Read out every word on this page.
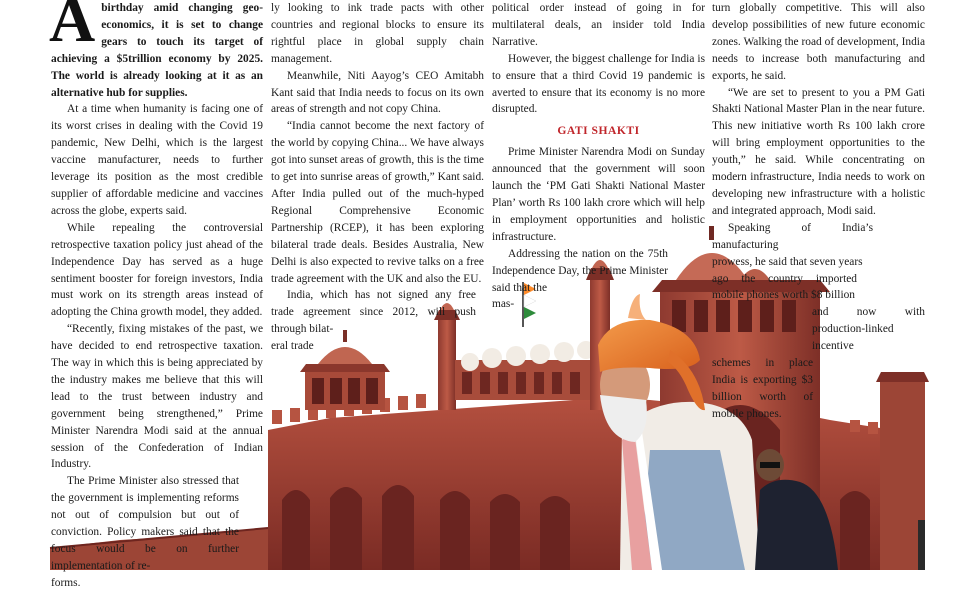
Abirthday amid changing geoeconomics, it is set to change gears to touch its target of achieving a $5trillion economy by 2025. The world is already looking at it as an alternative hub for supplies.

At a time when humanity is facing one of its worst crises in dealing with the Covid 19 pandemic, New Delhi, which is the largest vaccine manufacturer, needs to further leverage its position as the most credible supplier of affordable medicine and vaccines across the globe, experts said.

While repealing the controversial retrospective taxation policy just ahead of the Independence Day has served as a huge sentiment booster for foreign investors, India must work on its strength areas instead of adopting the China growth model, they added.

“Recently, fixing mistakes of the past, we have decided to end retrospective taxation. The way in which this is being appreciated by the industry makes me believe that this will lead to the trust between industry and government being strengthened,” Prime Minister Narendra Modi said at the annual session of the Confederation of Indian Industry.

The Prime Minister also stressed that the government is implementing reforms not out of compulsion but out of conviction. Policy makers said that the focus would be on further implementation of re-

forms.

ly looking to ink trade pacts with other countries and regional blocks to ensure its rightful place in global supply chain management.

Meanwhile, Niti Aayog’s CEO Amitabh Kant said that India needs to focus on its own areas of strength and not copy China.

“India cannot become the next factory of the world by copying China... We have always got into sunset areas of growth, this is the time to get into sunrise areas of growth,” Kant said. After India pulled out of the much-hyped Regional Comprehensive Economic Partnership (RCEP), it has been exploring bilateral trade deals. Besides Australia, New Delhi is also expected to revive talks on a free trade agreement with the UK and also the EU.

India, which has not signed any free trade agreement since 2012, will push through bilat-

eral trade

political order instead of going in for multilateral deals, an insider told India Narrative.

However, the biggest challenge for India is to ensure that a third Covid 19 pandemic is averted to ensure that its economy is no more disrupted.

GATI SHAKTI

Prime Minister Narendra Modi on Sunday announced that the government will soon launch the ‘PM Gati Shakti National Master Plan’ worth Rs 100 lakh crore which will help in employment opportunities and holistic infrastructure.

Addressing the nation on the 75th Independence Day, the Prime Minister said that the

mas-

turn globally competitive. This will also develop possibilities of new future economic zones. Walking the road of development, India needs to increase both manufacturing and exports, he said.

“We are set to present to you a PM Gati Shakti National Master Plan in the near future. This new initiative worth Rs 100 lakh crore will bring employment opportunities to the youth,” he said. While concentrating on modern infrastructure, India needs to work on developing new infrastructure with a holistic and integrated approach, Modi said.

Speaking of India’s manufacturing

prowess, he said that seven years

ago the country imported mobile phones worth $8 billion

and now with production-linked incentive

schemes in place India is exporting $3 billion worth of mobile phones.
